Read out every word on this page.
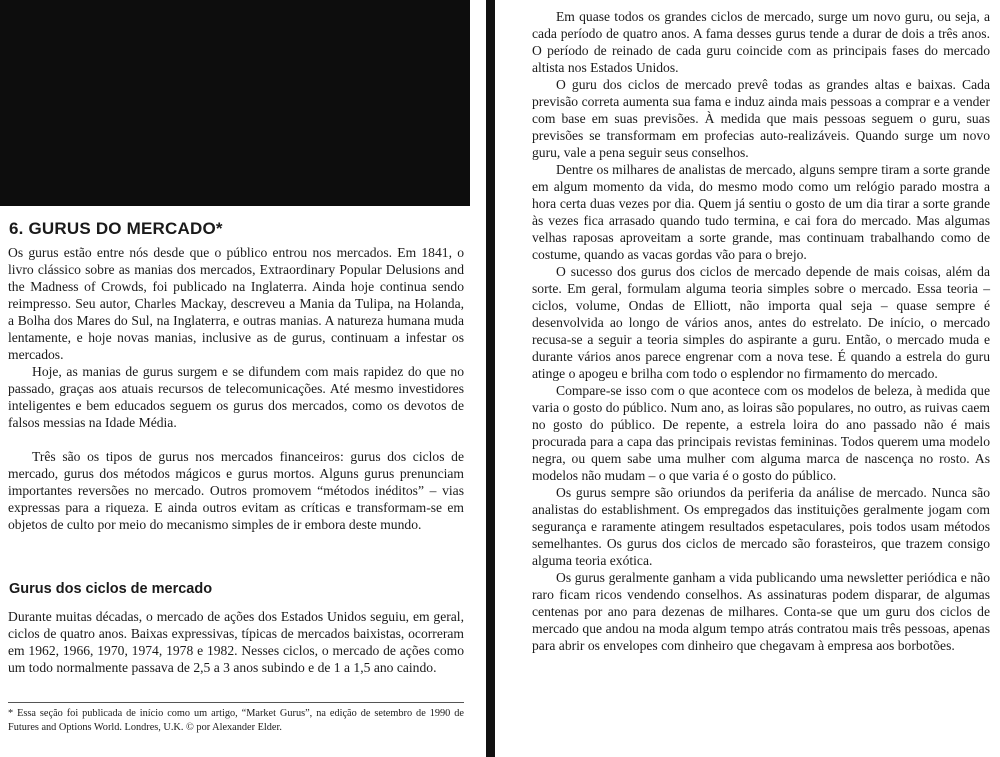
6. GURUS DO MERCADO*

Os gurus estão entre nós desde que o público entrou nos mercados. Em 1841, o livro clássico sobre as manias dos mercados, Extraordinary Popular Delusions and the Madness of Crowds, foi publicado na Inglaterra. Ainda hoje continua sendo reimpresso. Seu autor, Charles Mackay, descreveu a Mania da Tulipa, na Holanda, a Bolha dos Mares do Sul, na Inglaterra, e outras manias. A natureza humana muda lentamente, e hoje novas manias, inclusive as de gurus, continuam a infestar os mercados.

Hoje, as manias de gurus surgem e se difundem com mais rapidez do que no passado, graças aos atuais recursos de telecomunicações. Até mesmo investidores inteligentes e bem educados seguem os gurus dos mercados, como os devotos de falsos messias na Idade Média.

Três são os tipos de gurus nos mercados financeiros: gurus dos ciclos de mercado, gurus dos métodos mágicos e gurus mortos. Alguns gurus prenunciam importantes reversões no mercado. Outros promovem “métodos inéditos” – vias expressas para a riqueza. E ainda outros evitam as críticas e transformam-se em objetos de culto por meio do mecanismo simples de ir embora deste mundo.

Gurus dos ciclos de mercado

Durante muitas décadas, o mercado de ações dos Estados Unidos seguiu, em geral, ciclos de quatro anos. Baixas expressivas, típicas de mercados baixistas, ocorreram em 1962, 1966, 1970, 1974, 1978 e 1982. Nesses ciclos, o mercado de ações como um todo normalmente passava de 2,5 a 3 anos subindo e de 1 a 1,5 ano caindo.

* Essa seção foi publicada de início como um artigo, “Market Gurus”, na edição de setembro de 1990 de Futures and Options World. Londres, U.K. © por Alexander Elder.

Em quase todos os grandes ciclos de mercado, surge um novo guru, ou seja, a cada período de quatro anos. A fama desses gurus tende a durar de dois a três anos. O período de reinado de cada guru coincide com as principais fases do mercado altista nos Estados Unidos.

O guru dos ciclos de mercado prevê todas as grandes altas e baixas. Cada previsão correta aumenta sua fama e induz ainda mais pessoas a comprar e a vender com base em suas previsões. À medida que mais pessoas seguem o guru, suas previsões se transformam em profecias auto-realizáveis. Quando surge um novo guru, vale a pena seguir seus conselhos.

Dentre os milhares de analistas de mercado, alguns sempre tiram a sorte grande em algum momento da vida, do mesmo modo como um relógio parado mostra a hora certa duas vezes por dia. Quem já sentiu o gosto de um dia tirar a sorte grande às vezes fica arrasado quando tudo termina, e cai fora do mercado. Mas algumas velhas raposas aproveitam a sorte grande, mas continuam trabalhando como de costume, quando as vacas gordas vão para o brejo.

O sucesso dos gurus dos ciclos de mercado depende de mais coisas, além da sorte. Em geral, formulam alguma teoria simples sobre o mercado. Essa teoria – ciclos, volume, Ondas de Elliott, não importa qual seja – quase sempre é desenvolvida ao longo de vários anos, antes do estrelato. De início, o mercado recusa-se a seguir a teoria simples do aspirante a guru. Então, o mercado muda e durante vários anos parece engrenar com a nova tese. É quando a estrela do guru atinge o apogeu e brilha com todo o esplendor no firmamento do mercado.

Compare-se isso com o que acontece com os modelos de beleza, à medida que varia o gosto do público. Num ano, as loiras são populares, no outro, as ruivas caem no gosto do público. De repente, a estrela loira do ano passado não é mais procurada para a capa das principais revistas femininas. Todos querem uma modelo negra, ou quem sabe uma mulher com alguma marca de nascença no rosto. As modelos não mudam – o que varia é o gosto do público.

Os gurus sempre são oriundos da periferia da análise de mercado. Nunca são analistas do establishment. Os empregados das instituições geralmente jogam com segurança e raramente atingem resultados espetaculares, pois todos usam métodos semelhantes. Os gurus dos ciclos de mercado são forasteiros, que trazem consigo alguma teoria exótica.

Os gurus geralmente ganham a vida publicando uma newsletter periódica e não raro ficam ricos vendendo conselhos. As assinaturas podem disparar, de algumas centenas por ano para dezenas de milhares. Conta-se que um guru dos ciclos de mercado que andou na moda algum tempo atrás contratou mais três pessoas, apenas para abrir os envelopes com dinheiro que chegavam à empresa aos borbotões.
